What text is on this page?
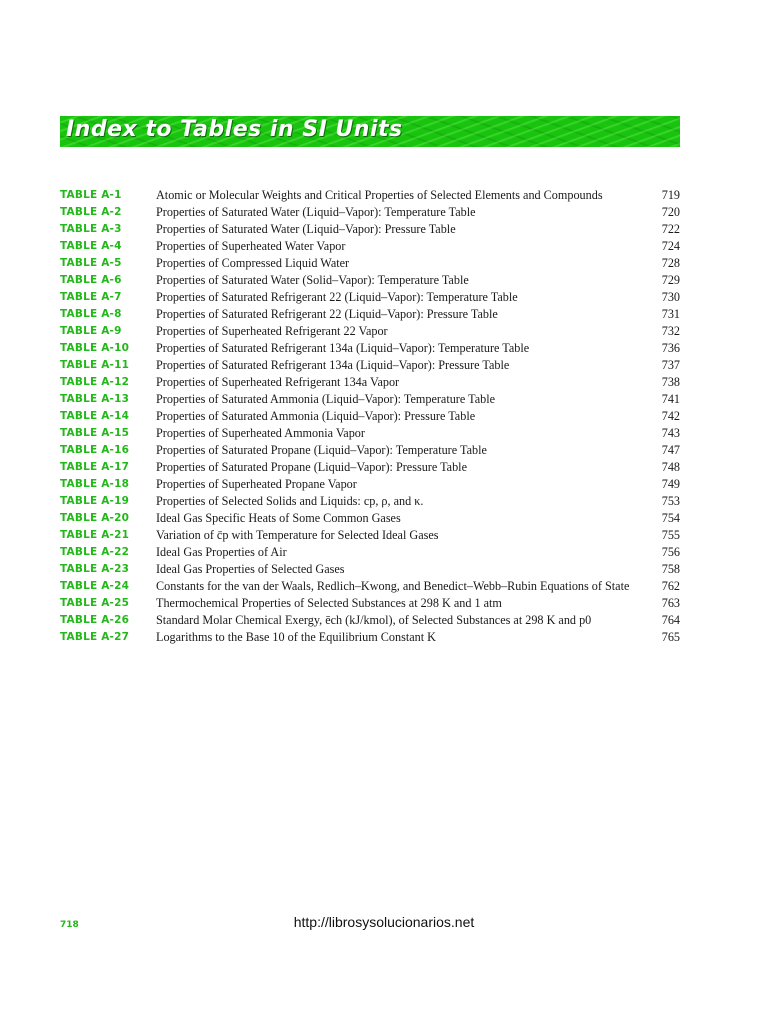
Index to Tables in SI Units
TABLE A-1	Atomic or Molecular Weights and Critical Properties of Selected Elements and Compounds	719
TABLE A-2	Properties of Saturated Water (Liquid–Vapor): Temperature Table	720
TABLE A-3	Properties of Saturated Water (Liquid–Vapor): Pressure Table	722
TABLE A-4	Properties of Superheated Water Vapor	724
TABLE A-5	Properties of Compressed Liquid Water	728
TABLE A-6	Properties of Saturated Water (Solid–Vapor): Temperature Table	729
TABLE A-7	Properties of Saturated Refrigerant 22 (Liquid–Vapor): Temperature Table	730
TABLE A-8	Properties of Saturated Refrigerant 22 (Liquid–Vapor): Pressure Table	731
TABLE A-9	Properties of Superheated Refrigerant 22 Vapor	732
TABLE A-10	Properties of Saturated Refrigerant 134a (Liquid–Vapor): Temperature Table	736
TABLE A-11	Properties of Saturated Refrigerant 134a (Liquid–Vapor): Pressure Table	737
TABLE A-12	Properties of Superheated Refrigerant 134a Vapor	738
TABLE A-13	Properties of Saturated Ammonia (Liquid–Vapor): Temperature Table	741
TABLE A-14	Properties of Saturated Ammonia (Liquid–Vapor): Pressure Table	742
TABLE A-15	Properties of Superheated Ammonia Vapor	743
TABLE A-16	Properties of Saturated Propane (Liquid–Vapor): Temperature Table	747
TABLE A-17	Properties of Saturated Propane (Liquid–Vapor): Pressure Table	748
TABLE A-18	Properties of Superheated Propane Vapor	749
TABLE A-19	Properties of Selected Solids and Liquids: cp, ρ, and κ.	753
TABLE A-20	Ideal Gas Specific Heats of Some Common Gases	754
TABLE A-21	Variation of c̄p with Temperature for Selected Ideal Gases	755
TABLE A-22	Ideal Gas Properties of Air	756
TABLE A-23	Ideal Gas Properties of Selected Gases	758
TABLE A-24	Constants for the van der Waals, Redlich–Kwong, and Benedict–Webb–Rubin Equations of State	762
TABLE A-25	Thermochemical Properties of Selected Substances at 298 K and 1 atm	763
TABLE A-26	Standard Molar Chemical Exergy, ēch (kJ/kmol), of Selected Substances at 298 K and p0	764
TABLE A-27	Logarithms to the Base 10 of the Equilibrium Constant K	765
718	http://librosysolucionarios.net
